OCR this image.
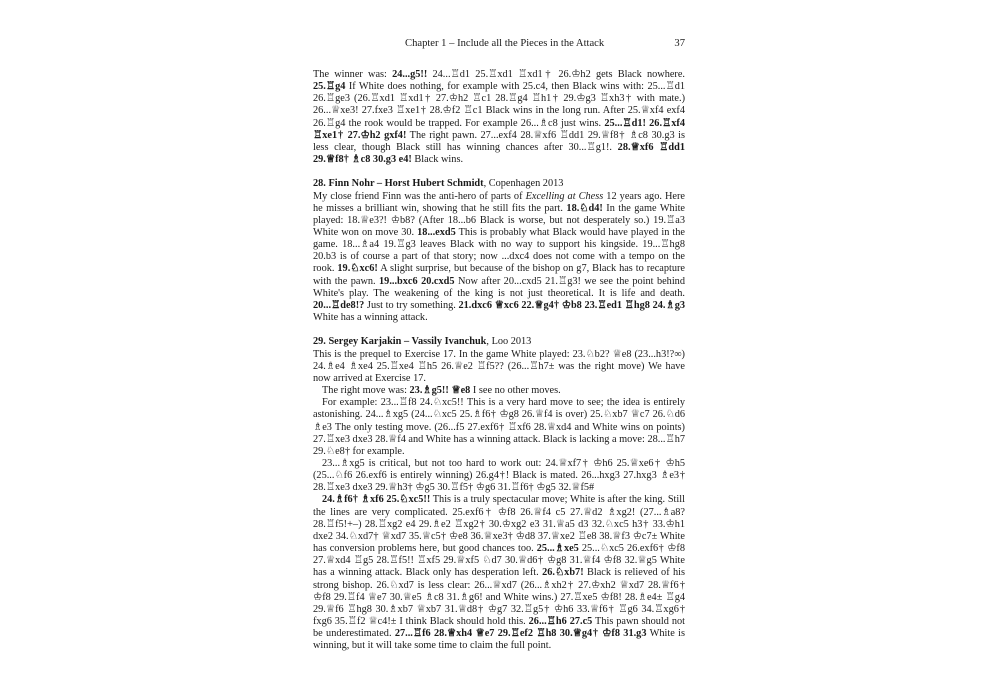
Chapter 1 – Include all the Pieces in the Attack	37

The winner was: 24...g5!! 24...♖d1 25.♖xd1 ♖xd1† 26.♔h2 gets Black nowhere. 25.♖g4 If White does nothing, for example with 25.c4, then Black wins with: 25...♖d1 26.♖ge3 (26.♖xd1 ♖xd1† 27.♔h2 ♖c1 28.♖g4 ♖h1† 29.♔g3 ♖xh3† with mate.) 26...♕xe3! 27.fxe3 ♖xe1† 28.♔f2 ♖c1 Black wins in the long run. After 25.♕xf4 exf4 26.♖g4 the rook would be trapped. For example 26...♗c8 just wins. 25...♖d1! 26.♖xf4 ♖xe1† 27.♔h2 gxf4! The right pawn. 27...exf4 28.♕xf6 ♖dd1 29.♕f8† ♗c8 30.g3 is less clear, though Black still has winning chances after 30...♖g1!. 28.♕xf6 ♖dd1 29.♕f8† ♗c8 30.g3 e4! Black wins.

28. Finn Nohr – Horst Hubert Schmidt, Copenhagen 2013

My close friend Finn was the anti-hero of parts of Excelling at Chess 12 years ago. Here he misses a brilliant win, showing that he still fits the part. 18.♘d4! In the game White played: 18.♕e3?! ♔b8? (After 18...b6 Black is worse, but not desperately so.) 19.♖a3 White won on move 30. 18...exd5 This is probably what Black would have played in the game. 18...♗a4 19.♖g3 leaves Black with no way to support his kingside. 19...♖hg8 20.b3 is of course a part of that story; now ...dxc4 does not come with a tempo on the rook. 19.♘xc6! A slight surprise, but because of the bishop on g7, Black has to recapture with the pawn. 19...bxc6 20.cxd5 Now after 20...cxd5 21.♖g3! we see the point behind White's play. The weakening of the king is not just theoretical. It is life and death. 20...♖de8!? Just to try something. 21.dxc6 ♕xc6 22.♕g4† ♔b8 23.♖ed1 ♖hg8 24.♗g3 White has a winning attack.

29. Sergey Karjakin – Vassily Ivanchuk, Loo 2013

This is the prequel to Exercise 17. In the game White played: 23.♘b2? ♕e8 (23...h3!?∞) 24.♗e4 ♗xe4 25.♖xe4 ♖h5 26.♕e2 ♖f5?? (26...♖h7± was the right move) We have now arrived at Exercise 17.

The right move was: 23.♗g5!! ♕e8 I see no other moves.

For example: 23...♖f8 24.♘xc5!! This is a very hard move to see; the idea is entirely astonishing. 24...♗xg5 (24...♘xc5 25.♗f6† ♔g8 26.♕f4 is over) 25.♘xb7 ♕c7 26.♘d6 ♗e3 The only testing move. (26...f5 27.exf6† ♖xf6 28.♕xd4 and White wins on points) 27.♖xe3 dxe3 28.♕f4 and White has a winning attack. Black is lacking a move: 28...♖h7 29.♘e8† for example.

23...♗xg5 is critical, but not too hard to work out: 24.♕xf7† ♔h6 25.♕xe6† ♔h5 (25...♘f6 26.exf6 is entirely winning) 26.g4†! Black is mated. 26...hxg3 27.hxg3 ♗e3† 28.♖xe3 dxe3 29.♕h3† ♔g5 30.♖f5† ♔g6 31.♖f6† ♔g5 32.♕f5#

24.♗f6† ♗xf6 25.♘xc5!! This is a truly spectacular move; White is after the king. Still the lines are very complicated. 25.exf6† ♔f8 26.♕f4 c5 27.♕d2 ♗xg2! (27...♗a8? 28.♖f5!+–) 28.♖xg2 e4 29.♗e2 ♖xg2† 30.♔xg2 e3 31.♕a5 d3 32.♘xc5 h3† 33.♔h1 dxe2 34.♘xd7† ♕xd7 35.♕c5† ♔e8 36.♕xe3† ♔d8 37.♕xe2 ♖e8 38.♕f3 ♔c7± White has conversion problems here, but good chances too. 25...♗xe5 25...♘xc5 26.exf6† ♔f8 27.♕xd4 ♖g5 28.♖f5!! ♖xf5 29.♕xf5 ♘d7 30.♕d6† ♔g8 31.♕f4 ♔f8 32.♕g5 White has a winning attack. Black only has desperation left. 26.♘xb7! Black is relieved of his strong bishop. 26.♘xd7 is less clear: 26...♕xd7 (26...♗xh2† 27.♔xh2 ♕xd7 28.♕f6† ♔f8 29.♖f4 ♕e7 30.♕e5 ♗c8 31.♗g6! and White wins.) 27.♖xe5 ♔f8! 28.♗e4± ♖g4 29.♕f6 ♖hg8 30.♗xb7 ♕xb7 31.♕d8† ♔g7 32.♖g5† ♔h6 33.♕f6† ♖g6 34.♖xg6† fxg6 35.♖f2 ♕c4!± I think Black should hold this. 26...♖h6 27.c5 This pawn should not be underestimated. 27...♖f6 28.♕xh4 ♕e7 29.♖ef2 ♖h8 30.♕g4† ♔f8 31.g3 White is winning, but it will take some time to claim the full point.
